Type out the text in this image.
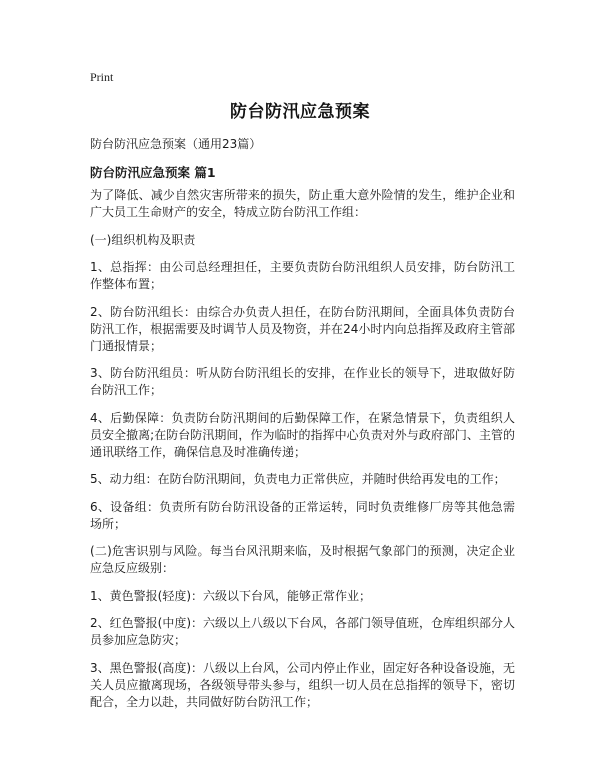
Print
防台防汛应急预案
防台防汛应急预案（通用23篇）
防台防汛应急预案 篇1

为了降低、减少自然灾害所带来的损失，防止重大意外险情的发生，维护企业和广大员工生命财产的安全，特成立防台防汛工作组：

(一)组织机构及职责

1、总指挥：由公司总经理担任，主要负责防台防汛组织人员安排，防台防汛工作整体布置；

2、防台防汛组长：由综合办负责人担任，在防台防汛期间，全面具体负责防台防汛工作，根据需要及时调节人员及物资，并在24小时内向总指挥及政府主管部门通报情景；

3、防台防汛组员：听从防台防汛组长的安排，在作业长的领导下，进取做好防台防汛工作；

4、后勤保障：负责防台防汛期间的后勤保障工作，在紧急情景下，负责组织人员安全撤离;在防台防汛期间，作为临时的指挥中心负责对外与政府部门、主管的通讯联络工作，确保信息及时准确传递；

5、动力组：在防台防汛期间，负责电力正常供应，并随时供给再发电的工作；

6、设备组：负责所有防台防汛设备的正常运转，同时负责维修厂房等其他急需场所；

(二)危害识别与风险。每当台风汛期来临，及时根据气象部门的预测，决定企业应急反应级别：

1、黄色警报(轻度)：六级以下台风，能够正常作业；

2、红色警报(中度)：六级以上八级以下台风，各部门领导值班，仓库组织部分人员参加应急防灾；

3、黑色警报(高度)：八级以上台风，公司内停止作业，固定好各种设备设施，无关人员应撤离现场，各级领导带头参与，组织一切人员在总指挥的领导下，密切配合，全力以赴，共同做好防台防汛工作；
